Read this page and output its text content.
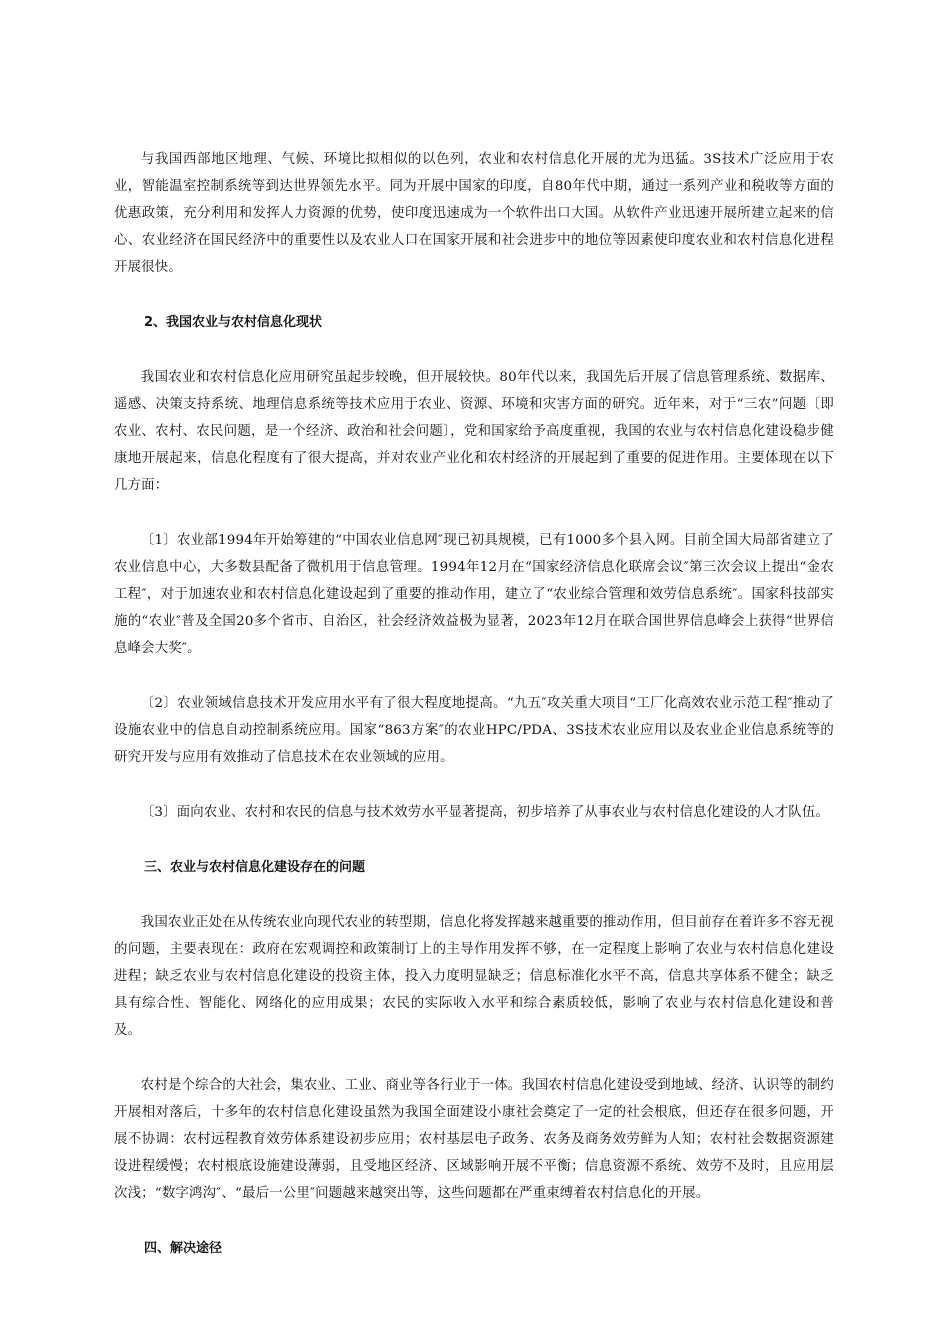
与我国西部地区地理、气候、环境比拟相似的以色列，农业和农村信息化开展的尤为迅猛。3S技术广泛应用于农业，智能温室控制系统等到达世界领先水平。同为开展中国家的印度，自80年代中期，通过一系列产业和税收等方面的优惠政策，充分利用和发挥人力资源的优势，使印度迅速成为一个软件出口大国。从软件产业迅速开展所建立起来的信心、农业经济在国民经济中的重要性以及农业人口在国家开展和社会进步中的地位等因素使印度农业和农村信息化进程开展很快。

2、我国农业与农村信息化现状

我国农业和农村信息化应用研究虽起步较晚，但开展较快。80年代以来，我国先后开展了信息管理系统、数据库、遥感、决策支持系统、地理信息系统等技术应用于农业、资源、环境和灾害方面的研究。近年来，对于“三农”问题〔即农业、农村、农民问题，是一个经济、政治和社会问题〕，党和国家给予高度重视，我国的农业与农村信息化建设稳步健康地开展起来，信息化程度有了很大提高，并对农业产业化和农村经济的开展起到了重要的促进作用。主要体现在以下几方面：

〔1〕农业部1994年开始筹建的“中国农业信息网″现已初具规模，已有1000多个县入网。目前全国大局部省建立了农业信息中心，大多数县配备了微机用于信息管理。1994年12月在“国家经济信息化联席会议″第三次会议上提出“金农工程″，对于加速农业和农村信息化建设起到了重要的推动作用，建立了“农业综合管理和效劳信息系统″。国家科技部实施的“农业″普及全国20多个省市、自治区，社会经济效益极为显著，2023年12月在联合国世界信息峰会上获得“世界信息峰会大奖″。

〔2〕农业领域信息技术开发应用水平有了很大程度地提高。“九五″攻关重大项目“工厂化高效农业示范工程″推动了设施农业中的信息自动控制系统应用。国家“863方案″的农业HPC/PDA、3S技术农业应用以及农业企业信息系统等的研究开发与应用有效推动了信息技术在农业领域的应用。

〔3〕面向农业、农村和农民的信息与技术效劳水平显著提高，初步培养了从事农业与农村信息化建设的人才队伍。

三、农业与农村信息化建设存在的问题

我国农业正处在从传统农业向现代农业的转型期，信息化将发挥越来越重要的推动作用，但目前存在着许多不容无视的问题，主要表现在：政府在宏观调控和政策制订上的主导作用发挥不够，在一定程度上影响了农业与农村信息化建设进程；缺乏农业与农村信息化建设的投资主体，投入力度明显缺乏；信息标准化水平不高，信息共享体系不健全；缺乏具有综合性、智能化、网络化的应用成果；农民的实际收入水平和综合素质较低，影响了农业与农村信息化建设和普及。

农村是个综合的大社会，集农业、工业、商业等各行业于一体。我国农村信息化建设受到地域、经济、认识等的制约开展相对落后，十多年的农村信息化建设虽然为我国全面建设小康社会奠定了一定的社会根底，但还存在很多问题，开展不协调：农村远程教育效劳体系建设初步应用；农村基层电子政务、农务及商务效劳鲜为人知；农村社会数据资源建设进程缓慢；农村根底设施建设薄弱，且受地区经济、区域影响开展不平衡；信息资源不系统、效劳不及时，且应用层次浅；“数字鸿沟″、“最后一公里″问题越来越突出等，这些问题都在严重束缚着农村信息化的开展。

四、解决途径
